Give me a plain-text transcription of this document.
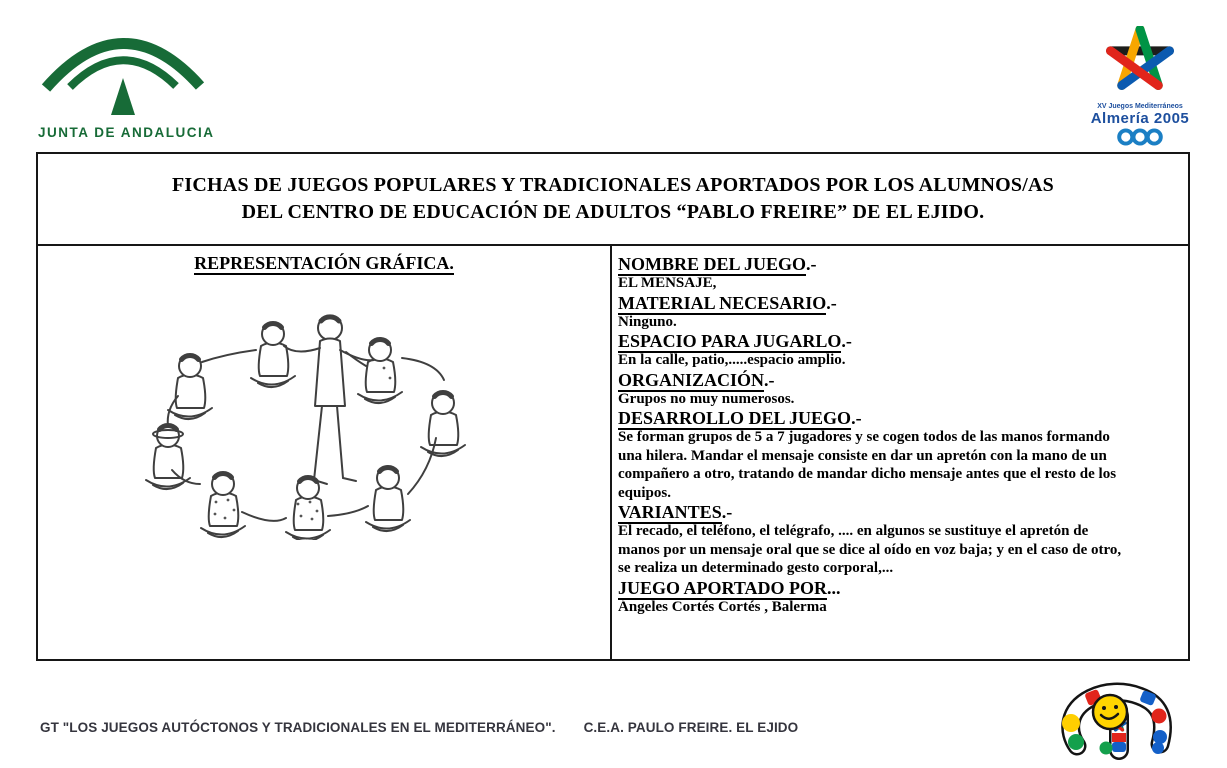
JUNTA DE ANDALUCIA
XV Juegos Mediterráneos
Almería 2005
FICHAS DE JUEGOS POPULARES Y TRADICIONALES APORTADOS POR LOS ALUMNOS/AS
DEL CENTRO DE EDUCACIÓN DE ADULTOS “PABLO FREIRE” DE EL EJIDO.
REPRESENTACIÓN GRÁFICA.	NOMBRE DEL JUEGO.-
EL MENSAJE,
MATERIAL NECESARIO.-
Ninguno.
ESPACIO PARA JUGARLO.-
En la calle, patio,.....espacio amplio.
ORGANIZACIÓN.-
Grupos no muy numerosos.
DESARROLLO DEL JUEGO.-
Se forman grupos de 5 a 7 jugadores y se cogen todos de las manos formando una hilera. Mandar el mensaje consiste en dar un apretón con la mano de un compañero a otro, tratando de mandar dicho mensaje antes que el resto de los equipos.
VARIANTES.-
El recado, el teléfono, el telégrafo, .... en algunos se sustituye el apretón de manos por un mensaje oral que se dice al oído en voz baja; y en el caso de otro, se realiza un determinado gesto corporal,...
JUEGO APORTADO POR...
Ángeles Cortés Cortés , Balerma
GT "LOS JUEGOS AUTÓCTONOS Y TRADICIONALES EN EL MEDITERRÁNEO". C.E.A. PAULO FREIRE. EL EJIDO
